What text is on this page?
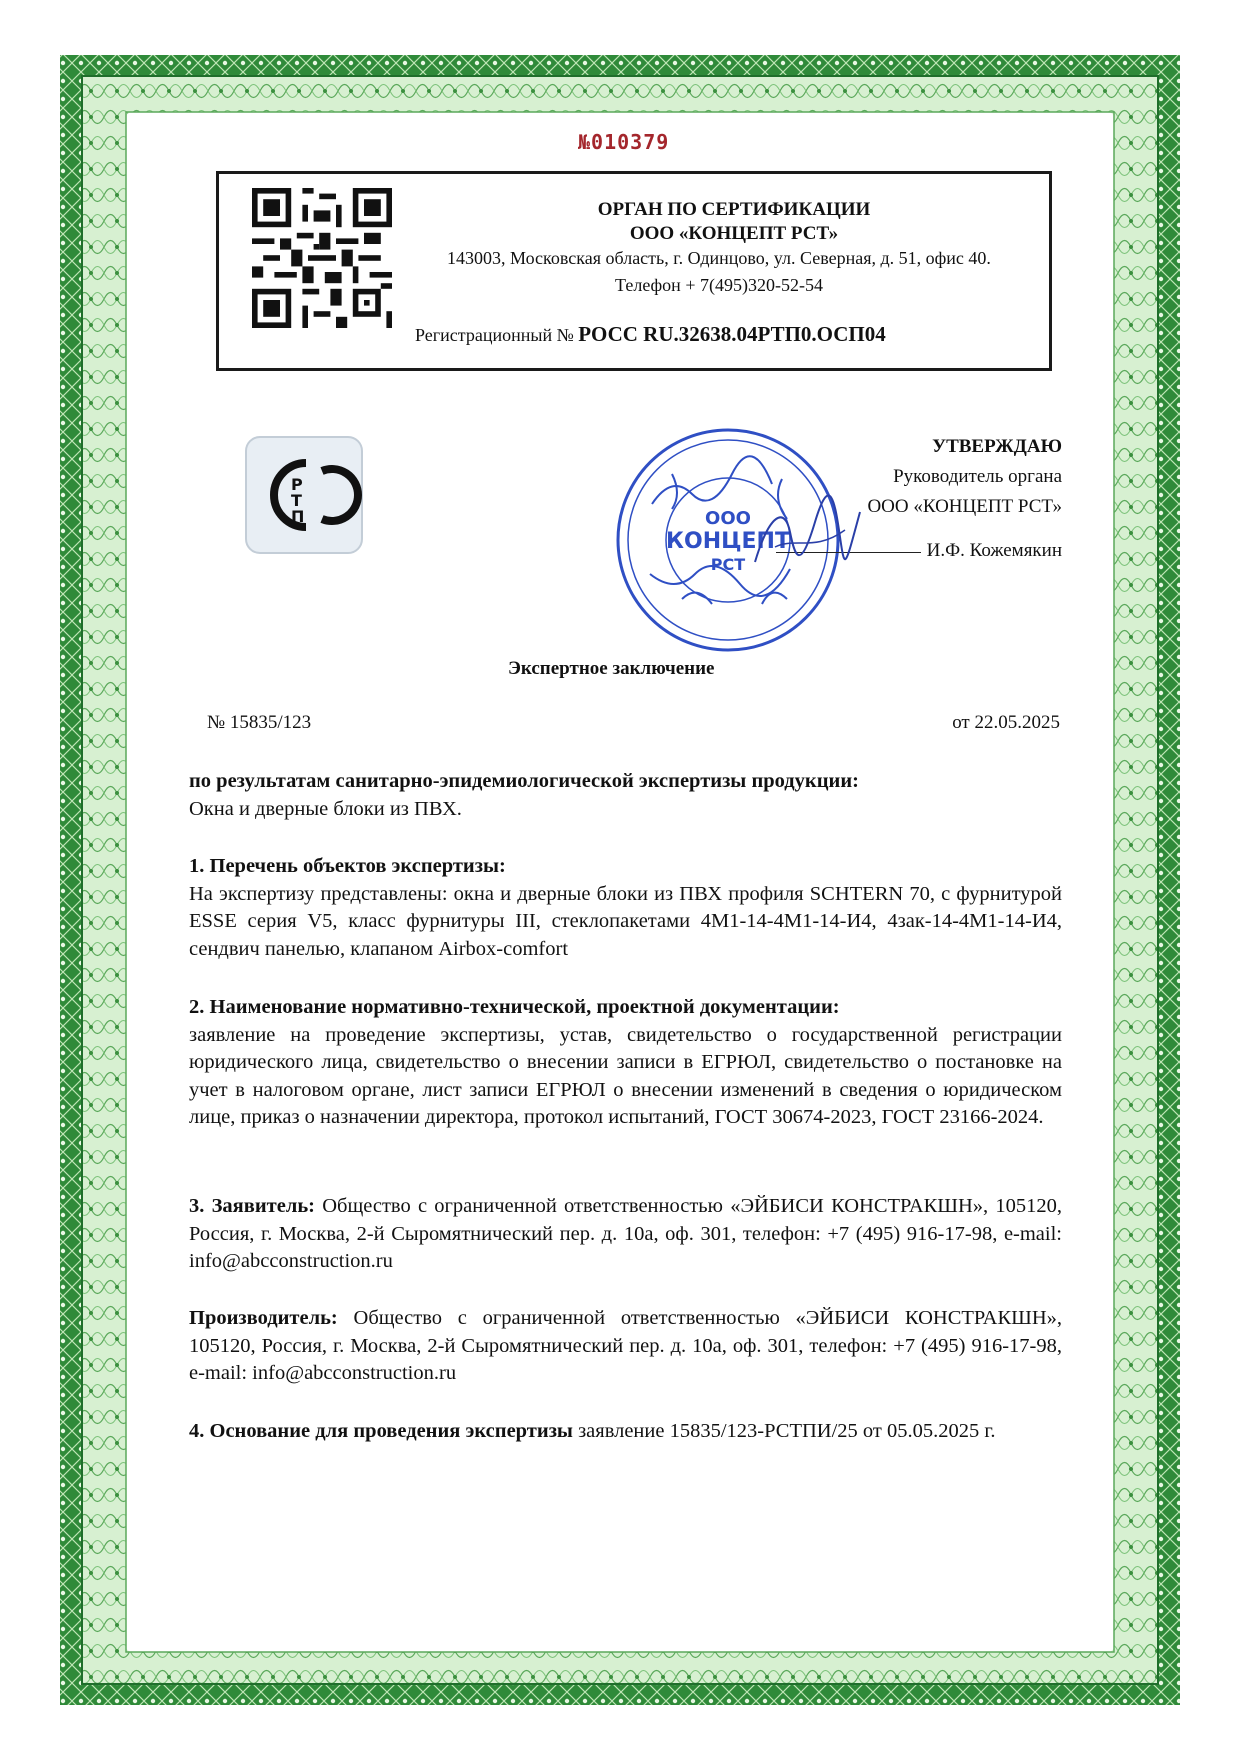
№010379
ОРГАН ПО СЕРТИФИКАЦИИ
ООО «КОНЦЕПТ РСТ»
143003, Московская область, г. Одинцово, ул. Северная, д. 51, офис 40.
Телефон + 7(495)320-52-54
Регистрационный № РОСС RU.32638.04РТП0.ОСП04
Р
Т
П	ООО
КОНЦЕПТ
РСТ
УТВЕРЖДАЮ
Руководитель органа
ООО «КОНЦЕПТ РСТ»
И.Ф. Кожемякин
Экспертное заключение
№ 15835/123	от 22.05.2025

по результатам санитарно-эпидемиологической экспертизы продукции:

Окна и дверные блоки из ПВХ.

1. Перечень объектов экспертизы:

На экспертизу представлены: окна и дверные блоки из ПВХ профиля SCHTERN 70, с фурнитурой ESSE серия V5, класс фурнитуры III, стеклопакетами 4М1-14-4М1-14-И4, 4зак-14-4М1-14-И4, сендвич панелью, клапаном Airbox-comfort

2. Наименование нормативно-технической, проектной документации:

заявление на проведение экспертизы, устав, свидетельство о государственной регистрации юридического лица, свидетельство о внесении записи в ЕГРЮЛ, свидетельство о постановке на учет в налоговом органе, лист записи ЕГРЮЛ о внесении изменений в сведения о юридическом лице, приказ о назначении директора, протокол испытаний, ГОСТ 30674-2023, ГОСТ 23166-2024.

3. Заявитель: Общество с ограниченной ответственностью «ЭЙБИСИ КОНСТРАКШН», 105120, Россия, г. Москва, 2-й Сыромятнический пер. д. 10а, оф. 301, телефон: +7 (495) 916-17-98, e-mail: info@abcconstruction.ru

Производитель: Общество с ограниченной ответственностью «ЭЙБИСИ КОНСТРАКШН», 105120, Россия, г. Москва, 2-й Сыромятнический пер. д. 10а, оф. 301, телефон: +7 (495) 916-17-98, e-mail: info@abcconstruction.ru

4. Основание для проведения экспертизы заявление 15835/123-РСТПИ/25 от 05.05.2025 г.
